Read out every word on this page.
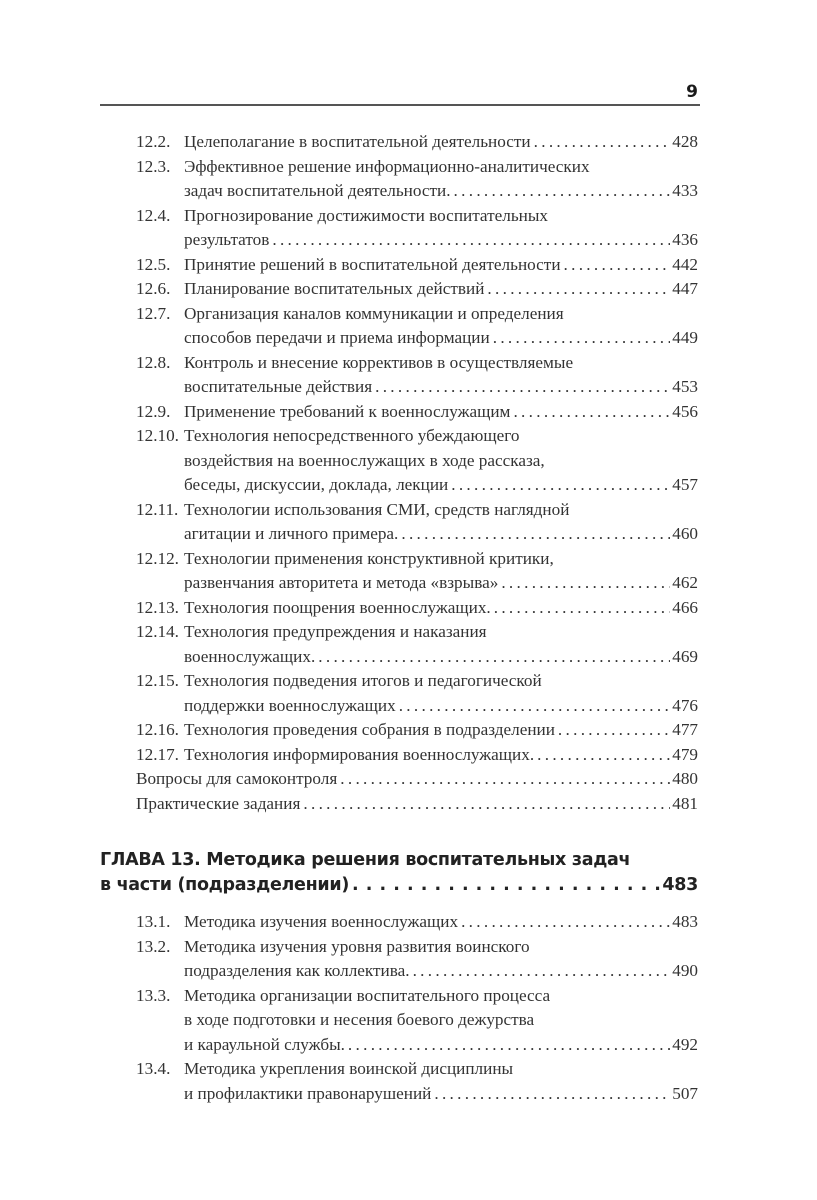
9
12.2. Целеполагание в воспитательной деятельности . . .	428
12.3. Эффективное решение информационно-аналитических
задач воспитательной деятельности. . . .	433
12.4. Прогнозирование достижимости воспитательных
результатов . . .	436
12.5. Принятие решений в воспитательной деятельности . . .	442
12.6. Планирование воспитательных действий . . .	447
12.7. Организация каналов коммуникации и определения
способов передачи и приема информации . . .	449
12.8. Контроль и внесение коррективов в осуществляемые
воспитательные действия . . .	453
12.9. Применение требований к военнослужащим . . .	456
12.10. Технология непосредственного убеждающего
воздействия на военнослужащих в ходе рассказа,
беседы, дискуссии, доклада, лекции . . .	457
12.11. Технологии использования СМИ, средств наглядной
агитации и личного примера. . . .	460
12.12. Технологии применения конструктивной критики,
развенчания авторитета и метода «взрыва» . . .	462
12.13. Технология поощрения военнослужащих. . . .	466
12.14. Технология предупреждения и наказания
военнослужащих. . . .	469
12.15. Технология подведения итогов и педагогической
поддержки военнослужащих . . .	476
12.16. Технология проведения собрания в подразделении . . .	477
12.17. Технология информирования военнослужащих. . . .	479
Вопросы для самоконтроля . . .	480
Практические задания . . .	481
ГЛАВА 13. Методика решения воспитательных задач
в части (подразделении) . . .	483
13.1. Методика изучения военнослужащих . . .	483
13.2. Методика изучения уровня развития воинского
подразделения как коллектива. . . .	490
13.3. Методика организации воспитательного процесса
в ходе подготовки и несения боевого дежурства
и караульной службы. . . .	492
13.4. Методика укрепления воинской дисциплины
и профилактики правонарушений . . .	507
